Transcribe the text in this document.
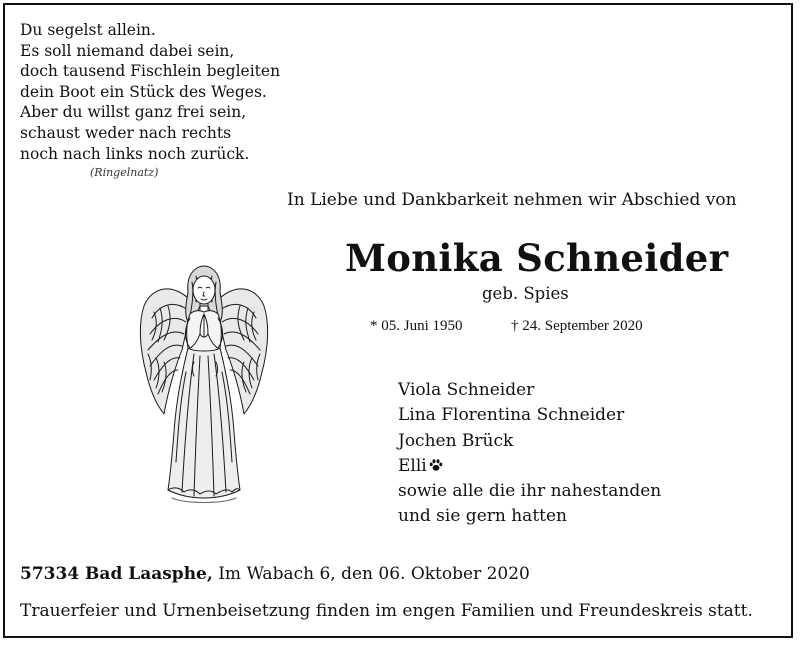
Du segelst allein.
Es soll niemand dabei sein,
doch tausend Fischlein begleiten
dein Boot ein Stück des Weges.
Aber du willst ganz frei sein,
schaust weder nach rechts
noch nach links noch zurück.
(Ringelnatz)
In Liebe und Dankbarkeit nehmen wir Abschied von
Monika Schneider
geb. Spies
* 05. Juni 1950	† 24. September 2020
Viola Schneider
Lina Florentina Schneider
Jochen Brück
Elli
sowie alle die ihr nahestanden
und sie gern hatten
57334 Bad Laasphe, Im Wabach 6, den 06. Oktober 2020
Trauerfeier und Urnenbeisetzung finden im engen Familien und Freundeskreis statt.
